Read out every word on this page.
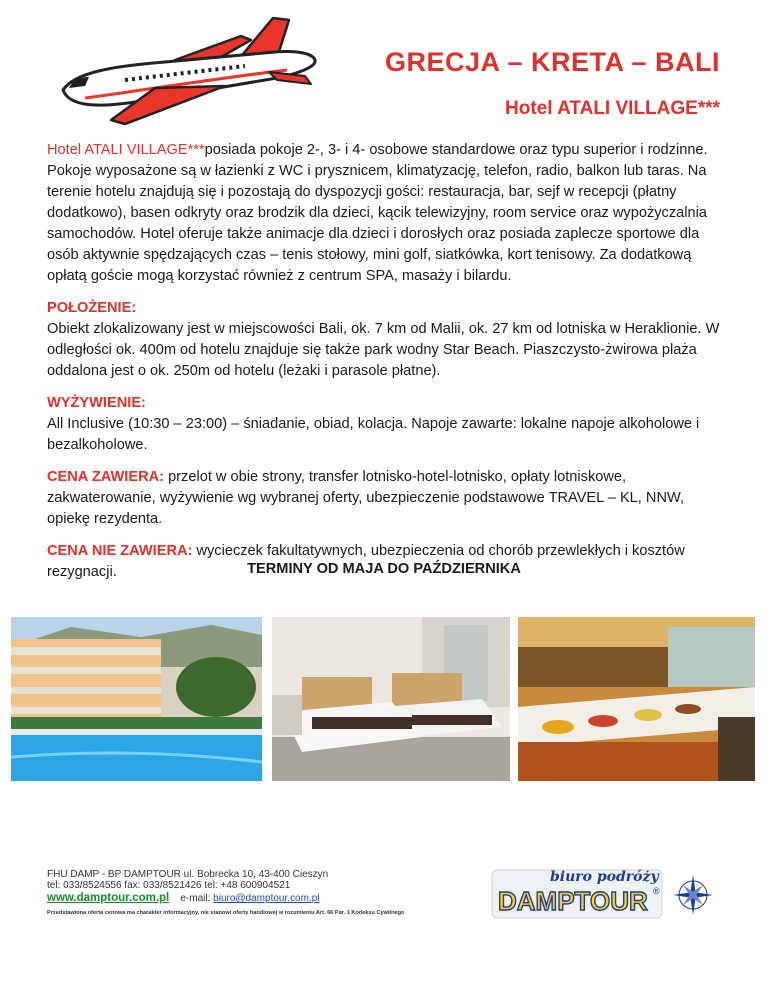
GRECJA – KRETA – BALI
Hotel ATALI VILLAGE***

Hotel ATALI VILLAGE***posiada pokoje 2-, 3- i 4- osobowe standardowe oraz typu superior i rodzinne. Pokoje wyposażone są w łazienki z WC i prysznicem, klimatyzację, telefon, radio, balkon lub taras. Na terenie hotelu znajdują się i pozostają do dyspozycji gości: restauracja, bar, sejf w recepcji (płatny dodatkowo), basen odkryty oraz brodzik dla dzieci, kącik telewizyjny, room service oraz wypożyczalnia samochodów. Hotel oferuje także animacje dla dzieci i dorosłych oraz posiada zaplecze sportowe dla osób aktywnie spędzających czas – tenis stołowy, mini golf, siatkówka, kort tenisowy. Za dodatkową opłatą goście mogą korzystać również z centrum SPA, masaży i bilardu.

POŁOŻENIE:
Obiekt zlokalizowany jest w miejscowości Bali, ok. 7 km od Malii, ok. 27 km od lotniska w Heraklionie. W odległości ok. 400m od hotelu znajduje się także park wodny Star Beach. Piaszczysto-żwirowa plaża oddalona jest o ok. 250m od hotelu (leżaki i parasole płatne).

WYŻYWIENIE:
All Inclusive (10:30 – 23:00) – śniadanie, obiad, kolacja. Napoje zawarte: lokalne napoje alkoholowe i bezalkoholowe.

CENA ZAWIERA: przelot w obie strony, transfer lotnisko-hotel-lotnisko, opłaty lotniskowe, zakwaterowanie, wyżywienie wg wybranej oferty, ubezpieczenie podstawowe TRAVEL – KL, NNW, opiekę rezydenta.

CENA NIE ZAWIERA: wycieczek fakultatywnych, ubezpieczenia od chorób przewlekłych i kosztów rezygnacji.	TERMINY OD MAJA DO PAŹDZIERNIKA
FHU DAMP - BP DAMPTOUR ul. Bobrecka 10, 43-400 Cieszyn
tel: 033/8524556 fax: 033/8521426 tel: +48 600904521
www.damptour.com.pl e-mail: biuro@damptour.com.pl
Przedstawiona oferta cenowa ma charakter informacyjny, nie stanowi oferty handlowej w rozumieniu Art. 66 Par. 1 Kodeksu Cywilnego
biuro podróży
DAMPTOUR ®
